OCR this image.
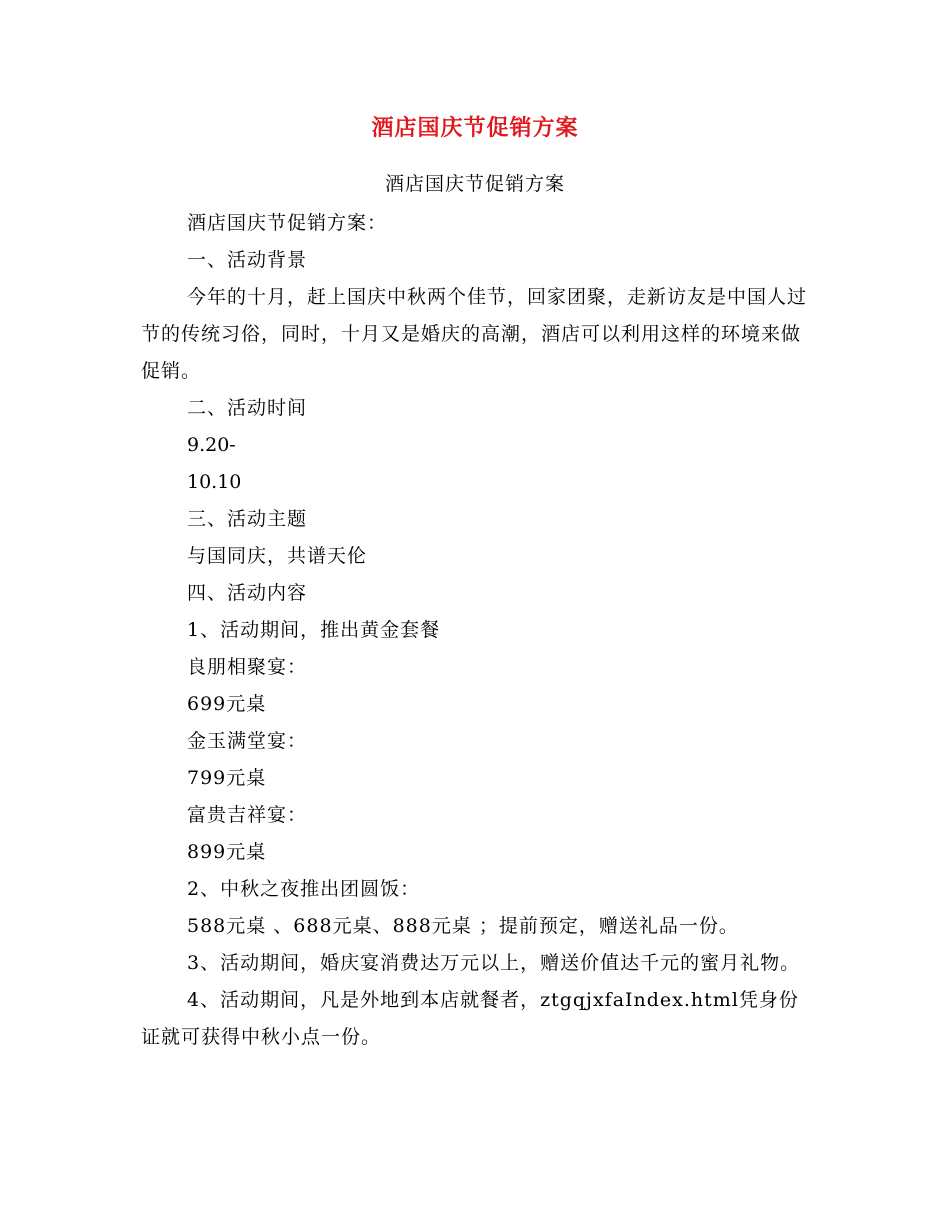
酒店国庆节促销方案
酒店国庆节促销方案

酒店国庆节促销方案：

一、活动背景

今年的十月，赶上国庆中秋两个佳节，回家团聚，走新访友是中国人过节的传统习俗，同时，十月又是婚庆的高潮，酒店可以利用这样的环境来做促销。

二、活动时间

9.20-

10.10

三、活动主题

与国同庆，共谱天伦

四、活动内容

1、活动期间，推出黄金套餐

良朋相聚宴：

699元桌

金玉满堂宴：

799元桌

富贵吉祥宴：

899元桌

2、中秋之夜推出团圆饭：

588元桌 、688元桌、888元桌 ；提前预定，赠送礼品一份。

3、活动期间，婚庆宴消费达万元以上，赠送价值达千元的蜜月礼物。

4、活动期间，凡是外地到本店就餐者，ztgqjxfaIndex.html凭身份证就可获得中秋小点一份。
